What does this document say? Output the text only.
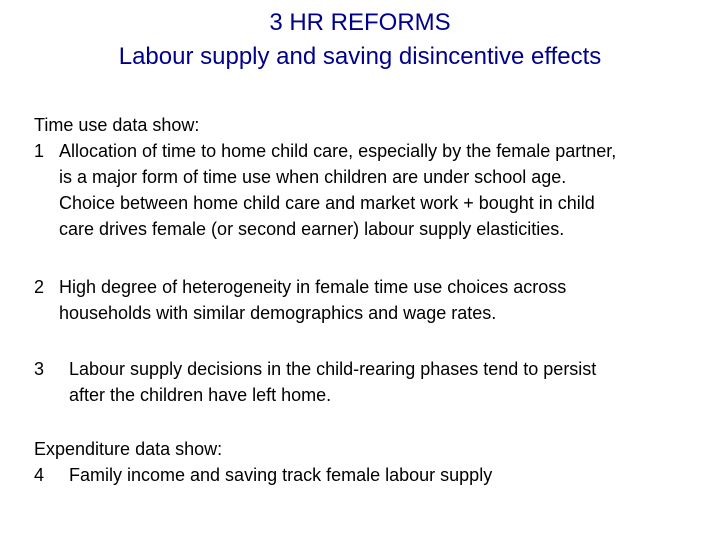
3 HR REFORMS
Labour supply and saving disincentive effects
Time use data show:
1 Allocation of time to home child care, especially by the female partner,
is a major form of time use when children are under school age.
Choice between home child care and market work + bought in child
care drives female (or second earner) labour supply elasticities.
2 High degree of heterogeneity in female time use choices across
households with similar demographics and wage rates.
3 Labour supply decisions in the child-rearing phases tend to persist
after the children have left home.
Expenditure data show:
4 Family income and saving track female labour supply
